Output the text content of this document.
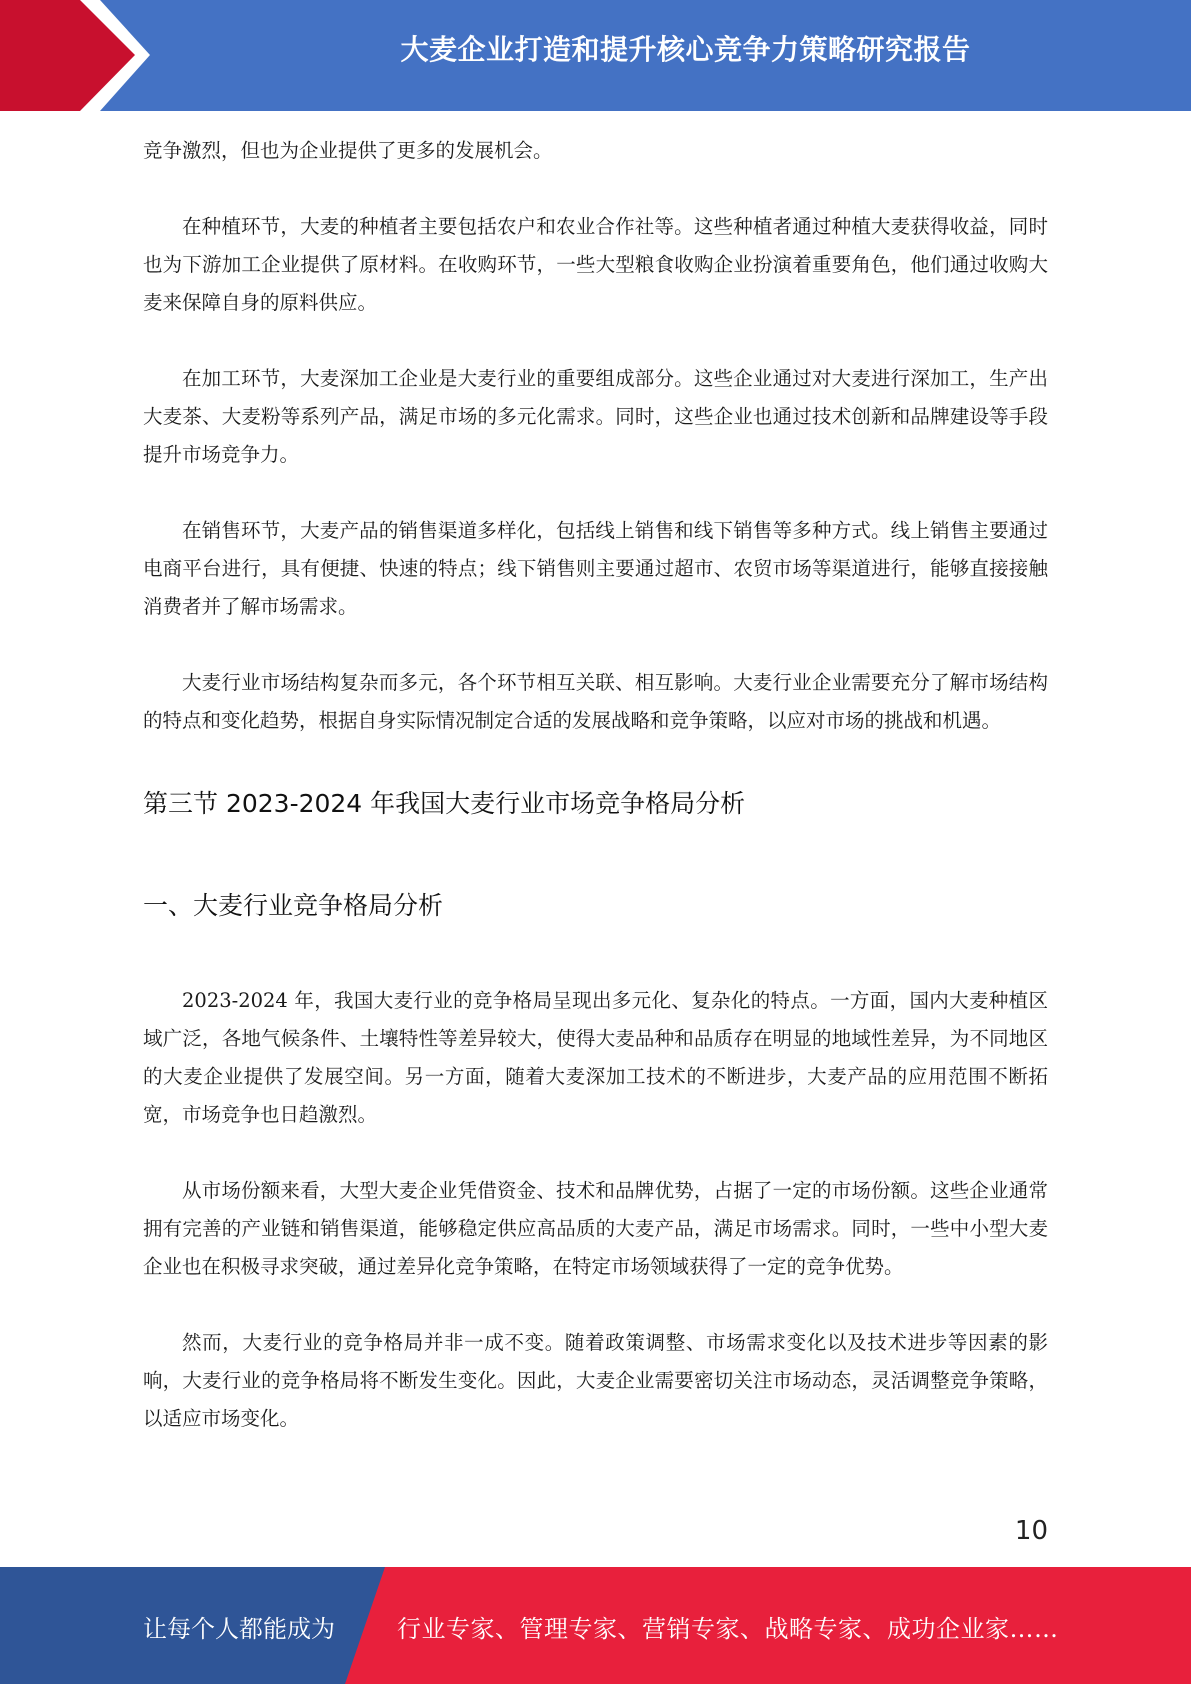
大麦企业打造和提升核心竞争力策略研究报告

竞争激烈，但也为企业提供了更多的发展机会。

在种植环节，大麦的种植者主要包括农户和农业合作社等。这些种植者通过种植大麦获得收益，同时也为下游加工企业提供了原材料。在收购环节，一些大型粮食收购企业扮演着重要角色，他们通过收购大麦来保障自身的原料供应。

在加工环节，大麦深加工企业是大麦行业的重要组成部分。这些企业通过对大麦进行深加工，生产出大麦茶、大麦粉等系列产品，满足市场的多元化需求。同时，这些企业也通过技术创新和品牌建设等手段提升市场竞争力。

在销售环节，大麦产品的销售渠道多样化，包括线上销售和线下销售等多种方式。线上销售主要通过电商平台进行，具有便捷、快速的特点；线下销售则主要通过超市、农贸市场等渠道进行，能够直接接触消费者并了解市场需求。

大麦行业市场结构复杂而多元，各个环节相互关联、相互影响。大麦行业企业需要充分了解市场结构的特点和变化趋势，根据自身实际情况制定合适的发展战略和竞争策略，以应对市场的挑战和机遇。

第三节 2023-2024 年我国大麦行业市场竞争格局分析
一、大麦行业竞争格局分析

2023-2024 年，我国大麦行业的竞争格局呈现出多元化、复杂化的特点。一方面，国内大麦种植区域广泛，各地气候条件、土壤特性等差异较大，使得大麦品种和品质存在明显的地域性差异，为不同地区的大麦企业提供了发展空间。另一方面，随着大麦深加工技术的不断进步，大麦产品的应用范围不断拓宽，市场竞争也日趋激烈。

从市场份额来看，大型大麦企业凭借资金、技术和品牌优势，占据了一定的市场份额。这些企业通常拥有完善的产业链和销售渠道，能够稳定供应高品质的大麦产品，满足市场需求。同时，一些中小型大麦企业也在积极寻求突破，通过差异化竞争策略，在特定市场领域获得了一定的竞争优势。

然而，大麦行业的竞争格局并非一成不变。随着政策调整、市场需求变化以及技术进步等因素的影响，大麦行业的竞争格局将不断发生变化。因此，大麦企业需要密切关注市场动态，灵活调整竞争策略，以适应市场变化。

10
让每个人都能成为	行业专家、管理专家、营销专家、战略专家、成功企业家……
